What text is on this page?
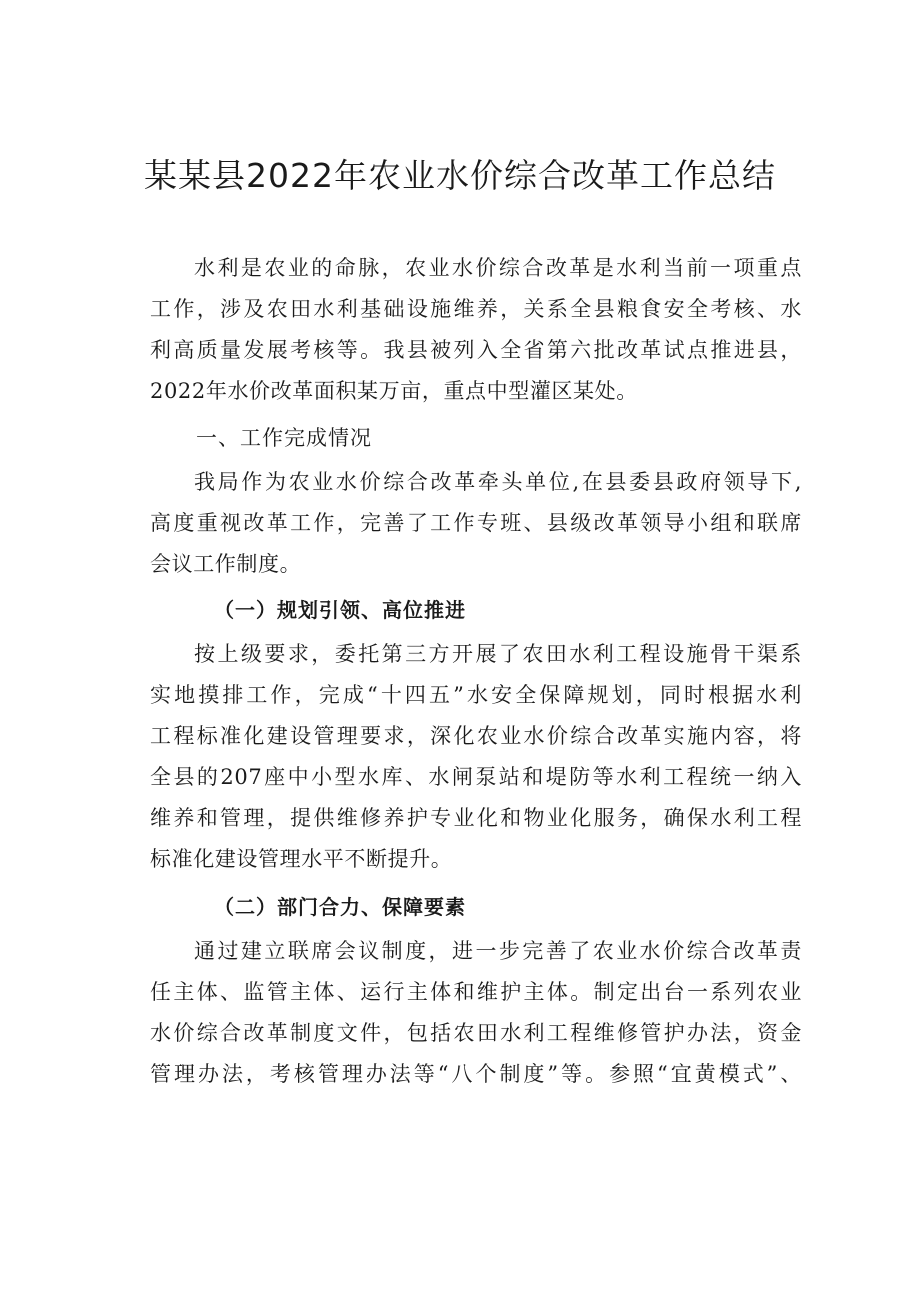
某某县2022年农业水价综合改革工作总结
水利是农业的命脉，农业水价综合改革是水利当前一项重点
工作，涉及农田水利基础设施维养，关系全县粮食安全考核、水
利高质量发展考核等。我县被列入全省第六批改革试点推进县，
2022年水价改革面积某万亩，重点中型灌区某处。
一、工作完成情况
我局作为农业水价综合改革牵头单位,在县委县政府领导下,
高度重视改革工作，完善了工作专班、县级改革领导小组和联席
会议工作制度。
（一）规划引领、高位推进
按上级要求，委托第三方开展了农田水利工程设施骨干渠系
实地摸排工作，完成“十四五”水安全保障规划，同时根据水利
工程标准化建设管理要求，深化农业水价综合改革实施内容，将
全县的207座中小型水库、水闸泵站和堤防等水利工程统一纳入
维养和管理，提供维修养护专业化和物业化服务，确保水利工程
标准化建设管理水平不断提升。
（二）部门合力、保障要素
通过建立联席会议制度，进一步完善了农业水价综合改革责
任主体、监管主体、运行主体和维护主体。制定出台一系列农业
水价综合改革制度文件，包括农田水利工程维修管护办法，资金
管理办法，考核管理办法等“八个制度”等。参照“宜黄模式”、
